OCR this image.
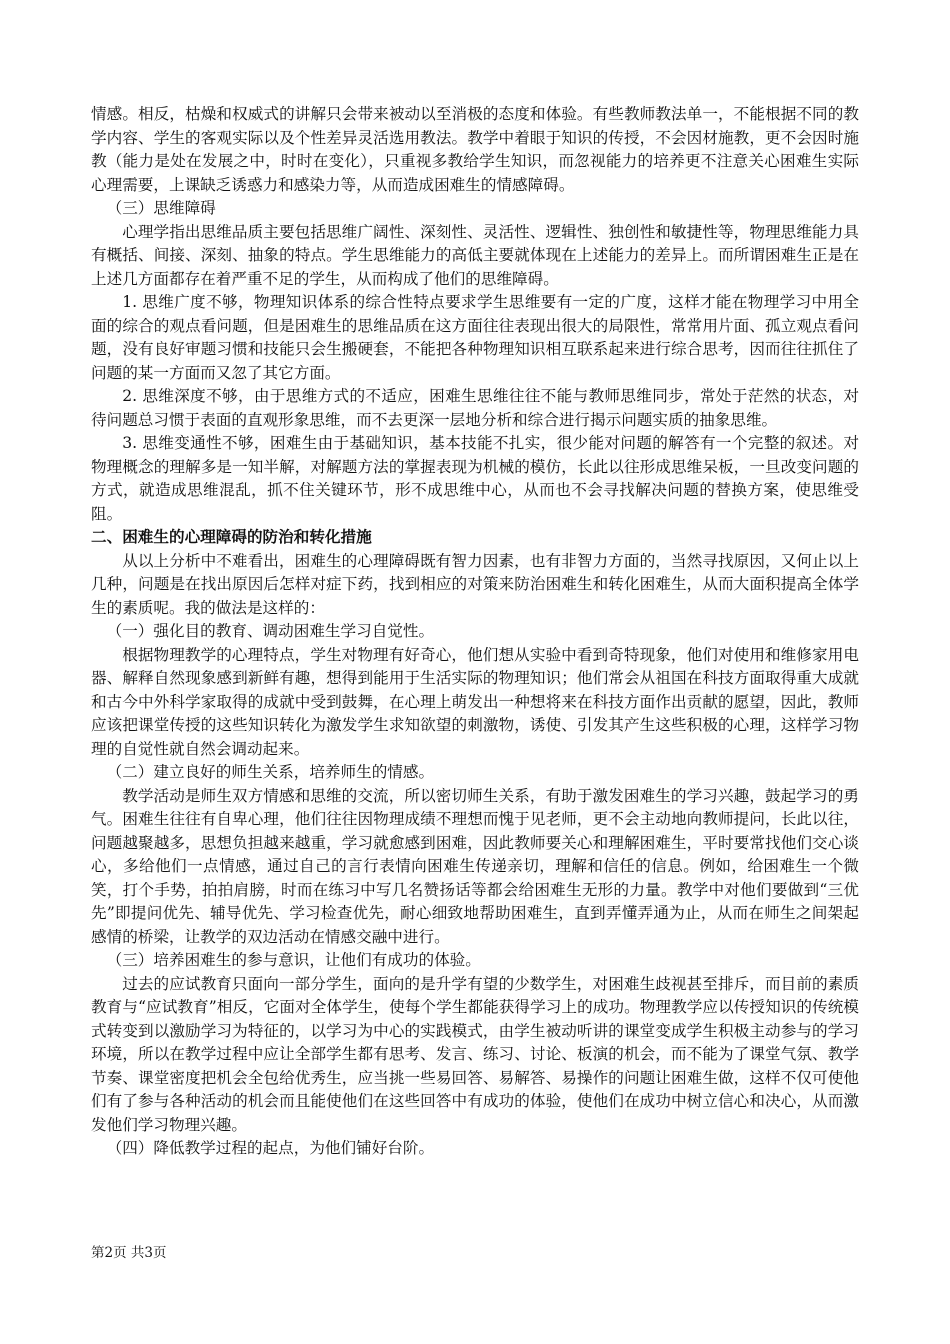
情感。相反，枯燥和权威式的讲解只会带来被动以至消极的态度和体验。有些教师教法单一，不能根据不同的教学内容、学生的客观实际以及个性差异灵活选用教法。教学中着眼于知识的传授，不会因材施教，更不会因时施教（能力是处在发展之中，时时在变化），只重视多教给学生知识，而忽视能力的培养更不注意关心困难生实际心理需要，上课缺乏诱惑力和感染力等，从而造成困难生的情感障碍。

（三）思维障碍

心理学指出思维品质主要包括思维广阔性、深刻性、灵活性、逻辑性、独创性和敏捷性等，物理思维能力具有概括、间接、深刻、抽象的特点。学生思维能力的高低主要就体现在上述能力的差异上。而所谓困难生正是在上述几方面都存在着严重不足的学生，从而构成了他们的思维障碍。

1. 思维广度不够，物理知识体系的综合性特点要求学生思维要有一定的广度，这样才能在物理学习中用全面的综合的观点看问题，但是困难生的思维品质在这方面往往表现出很大的局限性，常常用片面、孤立观点看问题，没有良好审题习惯和技能只会生搬硬套，不能把各种物理知识相互联系起来进行综合思考，因而往往抓住了问题的某一方面而又忽了其它方面。

2. 思维深度不够，由于思维方式的不适应，困难生思维往往不能与教师思维同步，常处于茫然的状态，对待问题总习惯于表面的直观形象思维，而不去更深一层地分析和综合进行揭示问题实质的抽象思维。

3. 思维变通性不够，困难生由于基础知识，基本技能不扎实，很少能对问题的解答有一个完整的叙述。对物理概念的理解多是一知半解，对解题方法的掌握表现为机械的模仿，长此以往形成思维呆板，一旦改变问题的方式，就造成思维混乱，抓不住关键环节，形不成思维中心，从而也不会寻找解决问题的替换方案，使思维受阻。

二、困难生的心理障碍的防治和转化措施

从以上分析中不难看出，困难生的心理障碍既有智力因素，也有非智力方面的，当然寻找原因，又何止以上几种，问题是在找出原因后怎样对症下药，找到相应的对策来防治困难生和转化困难生，从而大面积提高全体学生的素质呢。我的做法是这样的：

（一）强化目的教育、调动困难生学习自觉性。

根据物理教学的心理特点，学生对物理有好奇心，他们想从实验中看到奇特现象，他们对使用和维修家用电器、解释自然现象感到新鲜有趣，想得到能用于生活实际的物理知识；他们常会从祖国在科技方面取得重大成就和古今中外科学家取得的成就中受到鼓舞，在心理上萌发出一种想将来在科技方面作出贡献的愿望，因此，教师应该把课堂传授的这些知识转化为激发学生求知欲望的刺激物，诱使、引发其产生这些积极的心理，这样学习物理的自觉性就自然会调动起来。

（二）建立良好的师生关系，培养师生的情感。

教学活动是师生双方情感和思维的交流，所以密切师生关系，有助于激发困难生的学习兴趣，鼓起学习的勇气。困难生往往有自卑心理，他们往往因物理成绩不理想而愧于见老师，更不会主动地向教师提问，长此以往，问题越聚越多，思想负担越来越重，学习就愈感到困难，因此教师要关心和理解困难生，平时要常找他们交心谈心，多给他们一点情感，通过自己的言行表情向困难生传递亲切，理解和信任的信息。例如，给困难生一个微笑，打个手势，拍拍肩膀，时而在练习中写几名赞扬话等都会给困难生无形的力量。教学中对他们要做到“三优先”即提问优先、辅导优先、学习检查优先，耐心细致地帮助困难生，直到弄懂弄通为止，从而在师生之间架起感情的桥梁，让教学的双边活动在情感交融中进行。

（三）培养困难生的参与意识，让他们有成功的体验。

过去的应试教育只面向一部分学生，面向的是升学有望的少数学生，对困难生歧视甚至排斥，而目前的素质教育与“应试教育”相反，它面对全体学生，使每个学生都能获得学习上的成功。物理教学应以传授知识的传统模式转变到以激励学习为特征的，以学习为中心的实践模式，由学生被动听讲的课堂变成学生积极主动参与的学习环境，所以在教学过程中应让全部学生都有思考、发言、练习、讨论、板演的机会，而不能为了课堂气氛、教学节奏、课堂密度把机会全包给优秀生，应当挑一些易回答、易解答、易操作的问题让困难生做，这样不仅可使他们有了参与各种活动的机会而且能使他们在这些回答中有成功的体验，使他们在成功中树立信心和决心，从而激发他们学习物理兴趣。

（四）降低教学过程的起点，为他们铺好台阶。

第2页 共3页
